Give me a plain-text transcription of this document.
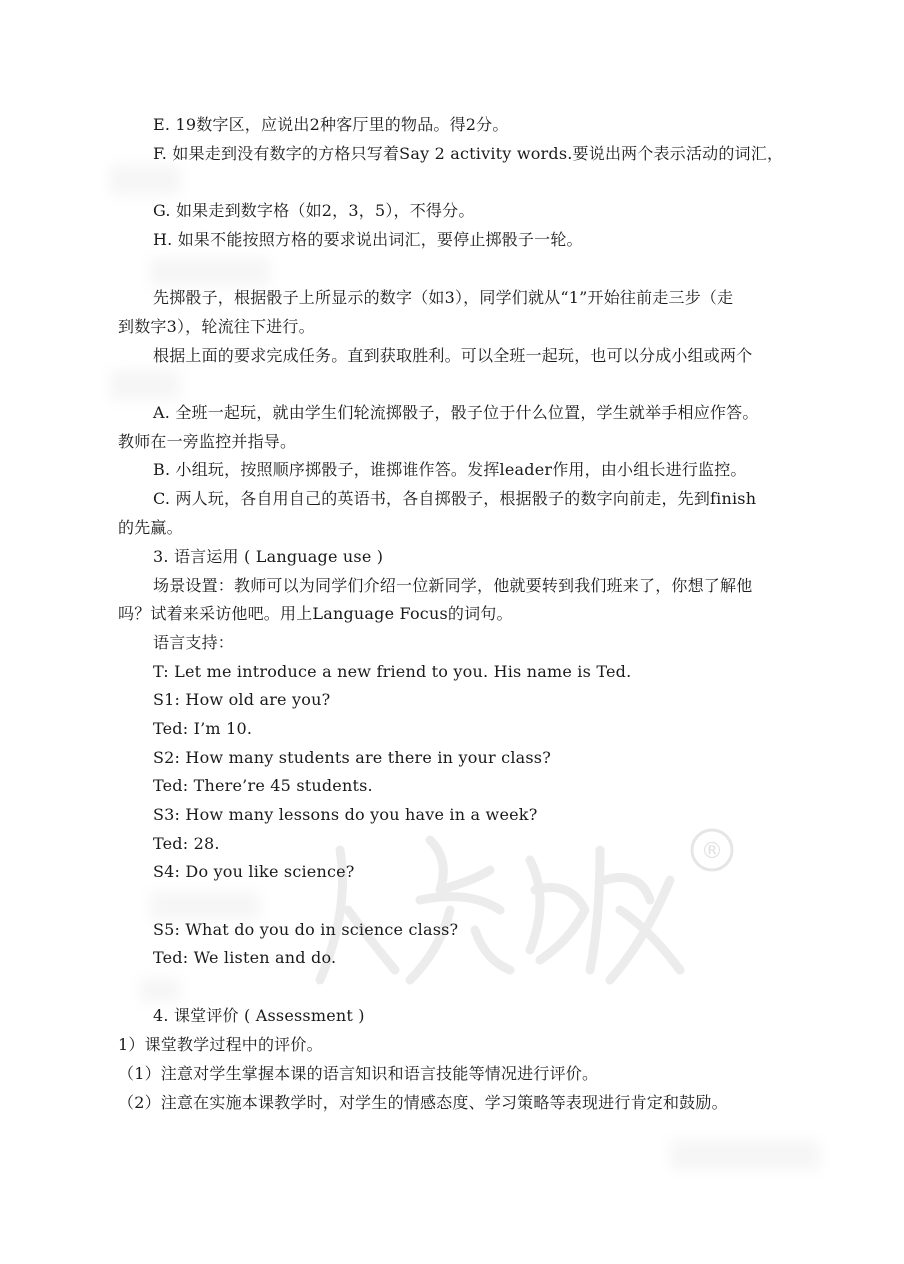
®
E. 19数字区，应说出2种客厅里的物品。得2分。
F. 如果走到没有数字的方格只写着Say 2 activity words.要说出两个表示活动的词汇，
G. 如果走到数字格（如2，3，5），不得分。
H. 如果不能按照方格的要求说出词汇，要停止掷骰子一轮。
先掷骰子，根据骰子上所显示的数字（如3），同学们就从“1”开始往前走三步（走
到数字3），轮流往下进行。
根据上面的要求完成任务。直到获取胜利。可以全班一起玩，也可以分成小组或两个
A. 全班一起玩，就由学生们轮流掷骰子，骰子位于什么位置，学生就举手相应作答。
教师在一旁监控并指导。
B. 小组玩，按照顺序掷骰子，谁掷谁作答。发挥leader作用，由小组长进行监控。
C. 两人玩，各自用自己的英语书，各自掷骰子，根据骰子的数字向前走，先到finish
的先赢。
3. 语言运用 ( Language use )
场景设置：教师可以为同学们介绍一位新同学，他就要转到我们班来了，你想了解他
吗？试着来采访他吧。用上Language Focus的词句。
语言支持：
T: Let me introduce a new friend to you. His name is Ted.
S1: How old are you?
Ted: I’m 10.
S2: How many students are there in your class?
Ted: There’re 45 students.
S3: How many lessons do you have in a week?
Ted: 28.
S4: Do you like science?
S5: What do you do in science class?
Ted: We listen and do.
4. 课堂评价 ( Assessment )
1）课堂教学过程中的评价。
（1）注意对学生掌握本课的语言知识和语言技能等情况进行评价。
（2）注意在实施本课教学时，对学生的情感态度、学习策略等表现进行肯定和鼓励。
